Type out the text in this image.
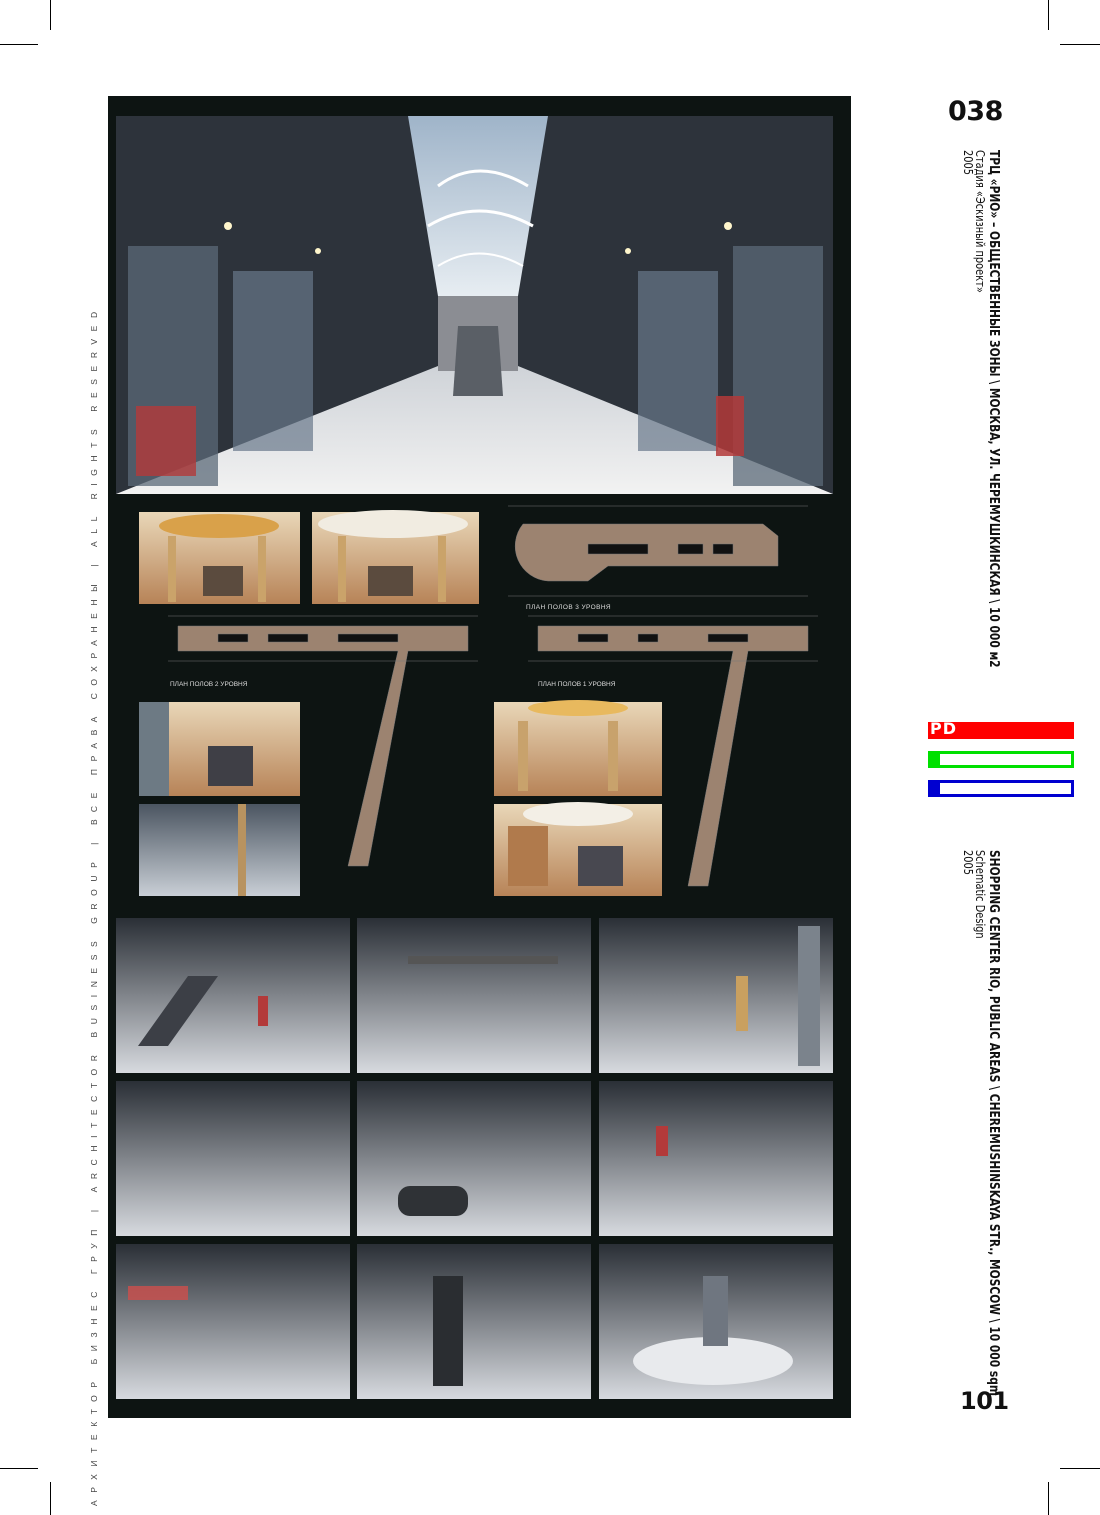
АРХИТЕКТОР БИЗНЕС ГРУП | ARCHITECTOR BUSINESS GROUP | ВСЕ ПРАВА СОХРАНЕНЫ | ALL RIGHTS RESERVED	ПЛАН ПОЛОВ 3 УРОВНЯ
ПЛАН ПОЛОВ 2 УРОВНЯ	ПЛАН ПОЛОВ 1 УРОВНЯ
038
ТРЦ «РИО» – ОБЩЕСТВЕННЫЕ ЗОНЫ \ МОСКВА, УЛ. ЧЕРЕМУШКИНСКАЯ \ 10 000 м2
Стадия «Эскизный проект»
2005
PD
SHOPPING CENTER RIO, PUBLIC AREAS \ CHEREMUSHINSKAYA STR., MOSCOW \ 10 000 sqm
Schematic Design
2005
101
